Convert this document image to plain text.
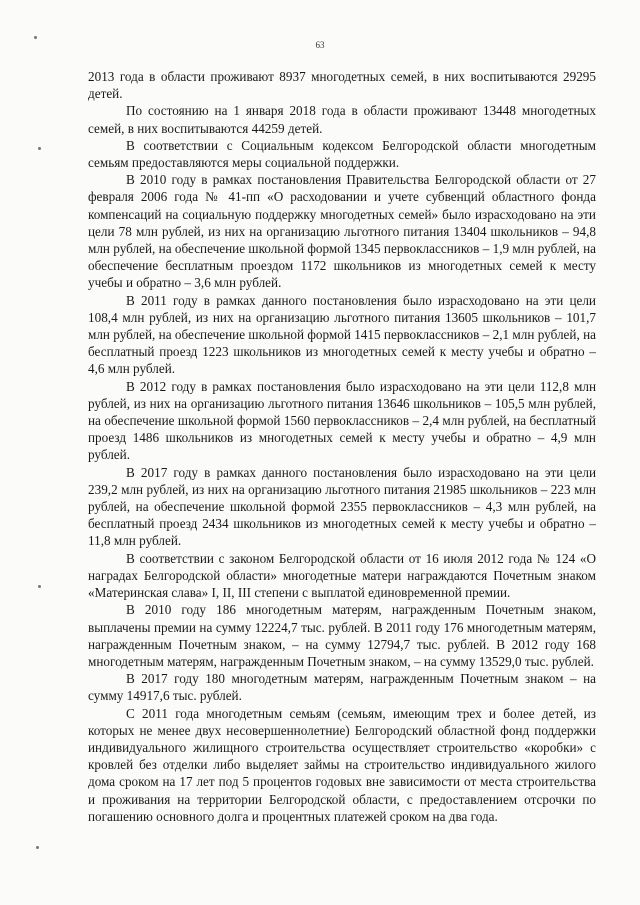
63

2013 года в области проживают 8937 многодетных семей, в них воспитываются 29295 детей.

По состоянию на 1 января 2018 года в области проживают 13448 многодетных семей, в них воспитываются 44259 детей.

В соответствии с Социальным кодексом Белгородской области многодетным семьям предоставляются меры социальной поддержки.

В 2010 году в рамках постановления Правительства Белгородской области от 27 февраля 2006 года № 41-пп «О расходовании и учете субвенций областного фонда компенсаций на социальную поддержку многодетных семей» было израсходовано на эти цели 78 млн рублей, из них на организацию льготного питания 13404 школьников – 94,8 млн рублей, на обеспечение школьной формой 1345 первоклассников – 1,9 млн рублей, на обеспечение бесплатным проездом 1172 школьников из многодетных семей к месту учебы и обратно – 3,6 млн рублей.

В 2011 году в рамках данного постановления было израсходовано на эти цели 108,4 млн рублей, из них на организацию льготного питания 13605 школьников – 101,7 млн рублей, на обеспечение школьной формой 1415 первоклассников – 2,1 млн рублей, на бесплатный проезд 1223 школьников из многодетных семей к месту учебы и обратно – 4,6 млн рублей.

В 2012 году в рамках постановления было израсходовано на эти цели 112,8 млн рублей, из них на организацию льготного питания 13646 школьников – 105,5 млн рублей, на обеспечение школьной формой 1560 первоклассников – 2,4 млн рублей, на бесплатный проезд 1486 школьников из многодетных семей к месту учебы и обратно – 4,9 млн рублей.

В 2017 году в рамках данного постановления было израсходовано на эти цели 239,2 млн рублей, из них на организацию льготного питания 21985 школьников – 223 млн рублей, на обеспечение школьной формой 2355 первоклассников – 4,3 млн рублей, на бесплатный проезд 2434 школьников из многодетных семей к месту учебы и обратно – 11,8 млн рублей.

В соответствии с законом Белгородской области от 16 июля 2012 года № 124 «О наградах Белгородской области» многодетные матери награждаются Почетным знаком «Материнская слава» I, II, III степени с выплатой единовременной премии.

В 2010 году 186 многодетным матерям, награжденным Почетным знаком, выплачены премии на сумму 12224,7 тыс. рублей. В 2011 году 176 многодетным матерям, награжденным Почетным знаком, – на сумму 12794,7 тыс. рублей. В 2012 году 168 многодетным матерям, награжденным Почетным знаком, – на сумму 13529,0 тыс. рублей.

В 2017 году 180 многодетным матерям, награжденным Почетным знаком – на сумму 14917,6 тыс. рублей.

С 2011 года многодетным семьям (семьям, имеющим трех и более детей, из которых не менее двух несовершеннолетние) Белгородский областной фонд поддержки индивидуального жилищного строительства осуществляет строительство «коробки» с кровлей без отделки либо выделяет займы на строительство индивидуального жилого дома сроком на 17 лет под 5 процентов годовых вне зависимости от места строительства и проживания на территории Белгородской области, с предоставлением отсрочки по погашению основного долга и процентных платежей сроком на два года.
